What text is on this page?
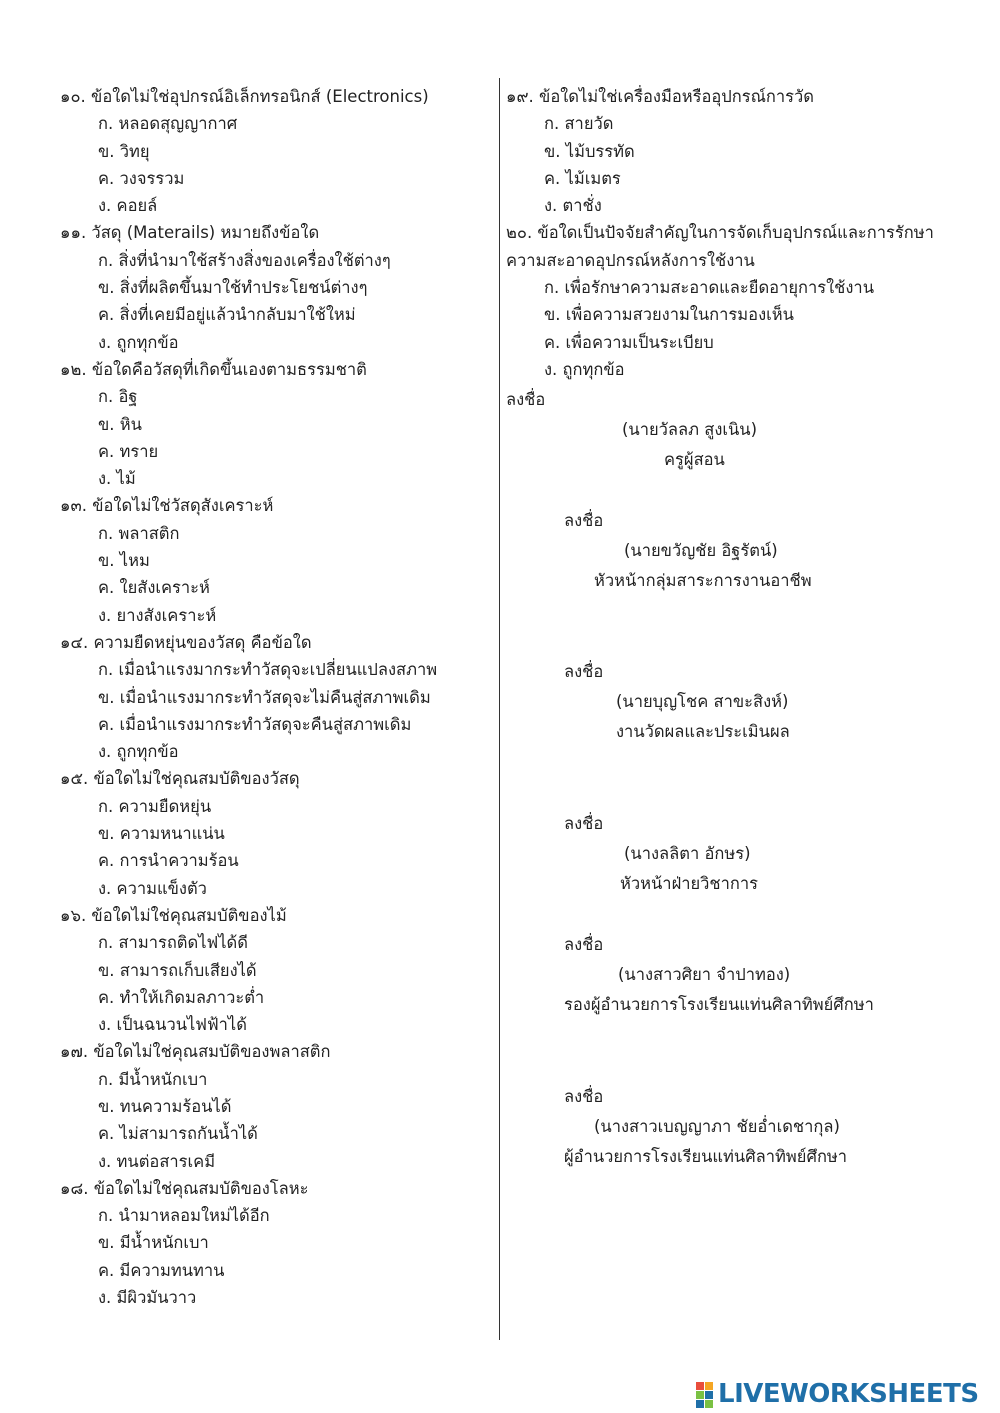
๑๐. ข้อใดไม่ใช่อุปกรณ์อิเล็กทรอนิกส์ (Electronics)
ก. หลอดสุญญากาศ
ข. วิทยุ
ค. วงจรรวม
ง. คอยล์
๑๑. วัสดุ (Materails) หมายถึงข้อใด
ก. สิ่งที่นำมาใช้สร้างสิ่งของเครื่องใช้ต่างๆ
ข. สิ่งที่ผลิตขึ้นมาใช้ทำประโยชน์ต่างๆ
ค. สิ่งที่เคยมีอยู่แล้วนำกลับมาใช้ใหม่
ง. ถูกทุกข้อ
๑๒. ข้อใดคือวัสดุที่เกิดขึ้นเองตามธรรมชาติ
ก. อิฐ
ข. หิน
ค. ทราย
ง. ไม้
๑๓. ข้อใดไม่ใช่วัสดุสังเคราะห์
ก. พลาสติก
ข. ไหม
ค. ใยสังเคราะห์
ง. ยางสังเคราะห์
๑๔. ความยืดหยุ่นของวัสดุ คือข้อใด
ก. เมื่อนำแรงมากระทำวัสดุจะเปลี่ยนแปลงสภาพ
ข. เมื่อนำแรงมากระทำวัสดุจะไม่คืนสู่สภาพเดิม
ค. เมื่อนำแรงมากระทำวัสดุจะคืนสู่สภาพเดิม
ง. ถูกทุกข้อ
๑๕. ข้อใดไม่ใช่คุณสมบัติของวัสดุ
ก. ความยืดหยุ่น
ข. ความหนาแน่น
ค. การนำความร้อน
ง. ความแข็งตัว
๑๖. ข้อใดไม่ใช่คุณสมบัติของไม้
ก. สามารถติดไฟได้ดี
ข. สามารถเก็บเสียงได้
ค. ทำให้เกิดมลภาวะต่ำ
ง. เป็นฉนวนไฟฟ้าได้
๑๗. ข้อใดไม่ใช่คุณสมบัติของพลาสติก
ก. มีน้ำหนักเบา
ข. ทนความร้อนได้
ค. ไม่สามารถกันน้ำได้
ง. ทนต่อสารเคมี
๑๘. ข้อใดไม่ใช่คุณสมบัติของโลหะ
ก. นำมาหลอมใหม่ได้อีก
ข. มีน้ำหนักเบา
ค. มีความทนทาน
ง. มีผิวมันวาว
๑๙. ข้อใดไม่ใช่เครื่องมือหรืออุปกรณ์การวัด
ก. สายวัด
ข. ไม้บรรทัด
ค. ไม้เมตร
ง. ตาชั่ง
๒๐. ข้อใดเป็นปัจจัยสำคัญในการจัดเก็บอุปกรณ์และการรักษา
ความสะอาดอุปกรณ์หลังการใช้งาน
ก. เพื่อรักษาความสะอาดและยืดอายุการใช้งาน
ข. เพื่อความสวยงามในการมองเห็น
ค. เพื่อความเป็นระเบียบ
ง. ถูกทุกข้อ
ลงชื่อ
(นายวัลลภ สูงเนิน)
ครูผู้สอน
ลงชื่อ
(นายขวัญชัย อิฐรัตน์)
หัวหน้ากลุ่มสาระการงานอาชีพ
ลงชื่อ
(นายบุญโชค สาขะสิงห์)
งานวัดผลและประเมินผล
ลงชื่อ
(นางลลิตา อักษร)
หัวหน้าฝ่ายวิชาการ
ลงชื่อ
(นางสาวศิยา จำปาทอง)
รองผู้อำนวยการโรงเรียนแท่นศิลาทิพย์ศึกษา
ลงชื่อ
(นางสาวเบญญาภา ชัยอ่ำเดชากุล)
ผู้อำนวยการโรงเรียนแท่นศิลาทิพย์ศึกษา
LIVEWORKSHEETS
